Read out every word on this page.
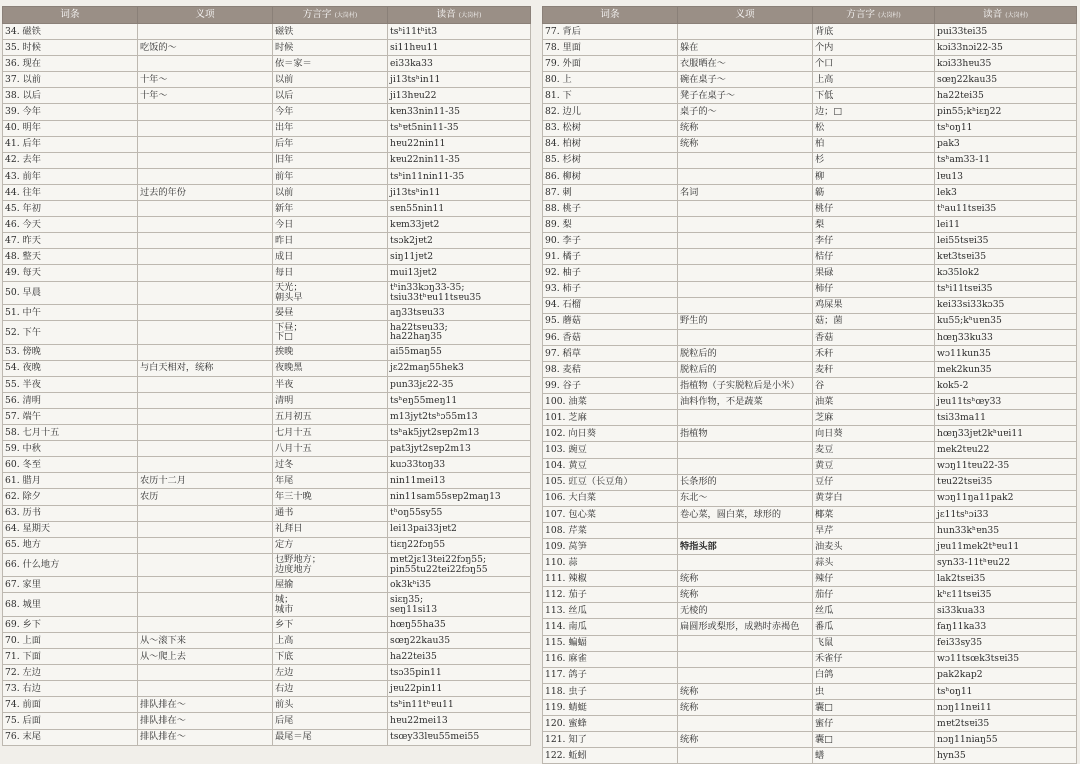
词条	义项	方言字 (大岗村)	读音 (大岗村)

34. 磁铁		磁铁	tsʰi11tʰit3

35. 时候	吃饭的～	时候	si11hɐu11

36. 现在		依＝家＝	ei33ka33

37. 以前	十年～	以前	ji13tsʰin11

38. 以后	十年～	以后	ji13hɐu22

39. 今年		今年	kɐn33nin11-35

40. 明年		出年	tsʰɐt5nin11-35

41. 后年		后年	hɐu22nin11

42. 去年		旧年	kɐu22nin11-35

43. 前年		前年	tsʰin11nin11-35

44. 往年	过去的年份	以前	ji13tsʰin11

45. 年初		新年	sɐn55nin11

46. 今天		今日	kɐm33jɐt2

47. 昨天		昨日	tsɔk2jɐt2

48. 整天		成日	siŋ11jɐt2

49. 每天		每日	mui13jɐt2

50. 早晨		天光；
朝头早	tʰin33kɔŋ33-35;
tsiu33tʰɐu11tsɐu35

51. 中午		晏昼	aŋ33tsɐu33

52. 下午		下昼；
下□	ha22tsɐu33;
ha22haŋ35

53. 傍晚		挨晚	ai55maŋ55

54. 夜晚	与白天相对，统称	夜晚黑	jɛ22maŋ55hek3

55. 半夜		半夜	pun33jɛ22-35

56. 清明		清明	tsʰeŋ55meŋ11

57. 端午		五月初五	m13jyt2tsʰɔ55m13

58. 七月十五		七月十五	tsʰak5jyt2sɐp2m13

59. 中秋		八月十五	pat3jyt2sɐp2m13

60. 冬至		过冬	kuɔ33toŋ33

61. 腊月	农历十二月	年尾	nin11mei13

62. 除夕	农历	年三十晚	nin11sam55sɐp2maŋ13

63. 历书		通书	tʰoŋ55sy55

64. 星期天		礼拜日	lei13pai33jɐt2

65. 地方		定方	tiɛŋ22fɔŋ55

66. 什么地方		乜野地方；
边度地方	mɐt2jɛ13tei22fɔŋ55;
pin55tu22tei22fɔŋ55

67. 家里		屋揄	ok3kʰi35

68. 城里		城；
城市	siɛŋ35;
seŋ11si13

69. 乡下		乡下	hœŋ55ha35

70. 上面	从～滚下来	上高	sœŋ22kau35

71. 下面	从～爬上去	下底	ha22tei35

72. 左边		左边	tsɔ35pin11

73. 右边		右边	jɐu22pin11

74. 前面	排队排在～	前头	tsʰin11tʰɐu11

75. 后面	排队排在～	后尾	hɐu22mei13

76. 末尾	排队排在～	最尾＝尾	tsœy33lɐu55mei55
词条	义项	方言字 (大岗村)	读音 (大岗村)

77. 背后		背底	pui33tei35

78. 里面	躲在	个内	kɔi33nɔi22-35

79. 外面	衣服晒在～	个口	kɔi33hɐu35

80. 上	碗在桌子～	上高	sœŋ22kau35

81. 下	凳子在桌子～	下低	ha22tei35

82. 边儿	桌子的～	边；□	pin55;kʰiɛŋ22

83. 松树	统称	松	tsʰoŋ11

84. 柏树	统称	柏	pak3

85. 杉树		杉	tsʰam33-11

86. 柳树		柳	lɐu13

87. 刺	名词	簕	lek3

88. 桃子		桃仔	tʰau11tsɐi35

89. 梨		梨	lei11

90. 李子		李仔	lei55tsɐi35

91. 橘子		桔仔	kɐt3tsɐi35

92. 柚子		果碌	kɔ35lok2

93. 柿子		柿仔	tsʰi11tsɐi35

94. 石榴		鸡屎果	kei33si33kɔ35

95. 蘑菇	野生的	菇；菌	ku55;kʰuɐn35

96. 香菇		香菇	hœŋ33ku33

97. 稻草	脱粒后的	禾秆	wɔ11kun35

98. 麦秸	脱粒后的	麦秆	mek2kun35

99. 谷子	指植物（子实脱粒后是小米）	谷	kok5-2

100. 油菜	油料作物，不是蔬菜	油菜	jɐu11tsʰœy33

101. 芝麻		芝麻	tsi33ma11

102. 向日葵	指植物	向日葵	hœŋ33jɐt2kʰuɐi11

103. 豌豆		麦豆	mek2tɐu22

104. 黄豆		黄豆	wɔŋ11tɐu22-35

105. 豇豆（长豆角）	长条形的	豆仔	tɐu22tsɐi35

106. 大白菜	东北～	黄芽白	wɔŋ11ŋa11pak2

107. 包心菜	卷心菜，圆白菜，球形的	椰菜	jɛ11tsʰɔi33

108. 芹菜		旱芹	hun33kʰɐn35

109. 莴笋	特指头部	油麦头	jɐu11mek2tʰɐu11

110. 蒜		蒜头	syn33-11tʰɐu22

111. 辣椒	统称	辣仔	lak2tsɐi35

112. 茄子	统称	茄仔	kʰɛ11tsɐi35

113. 丝瓜	无棱的	丝瓜	si33kua33

114. 南瓜	扁圆形或梨形，成熟时赤褐色	番瓜	faŋ11ka33

115. 蝙蝠		飞鼠	fei33sy35

116. 麻雀		禾雀仔	wɔ11tsœk3tsɐi35

117. 鸽子		白鸽	pak2kap2

118. 虫子	统称	虫	tsʰoŋ11

119. 蜻蜓	统称	囊□	nɔŋ11nɐi11

120. 蜜蜂		蜜仔	mɐt2tsɐi35

121. 知了	统称	囊□	nɔŋ11niaŋ55

122. 蚯蚓		蟮	hyn35
